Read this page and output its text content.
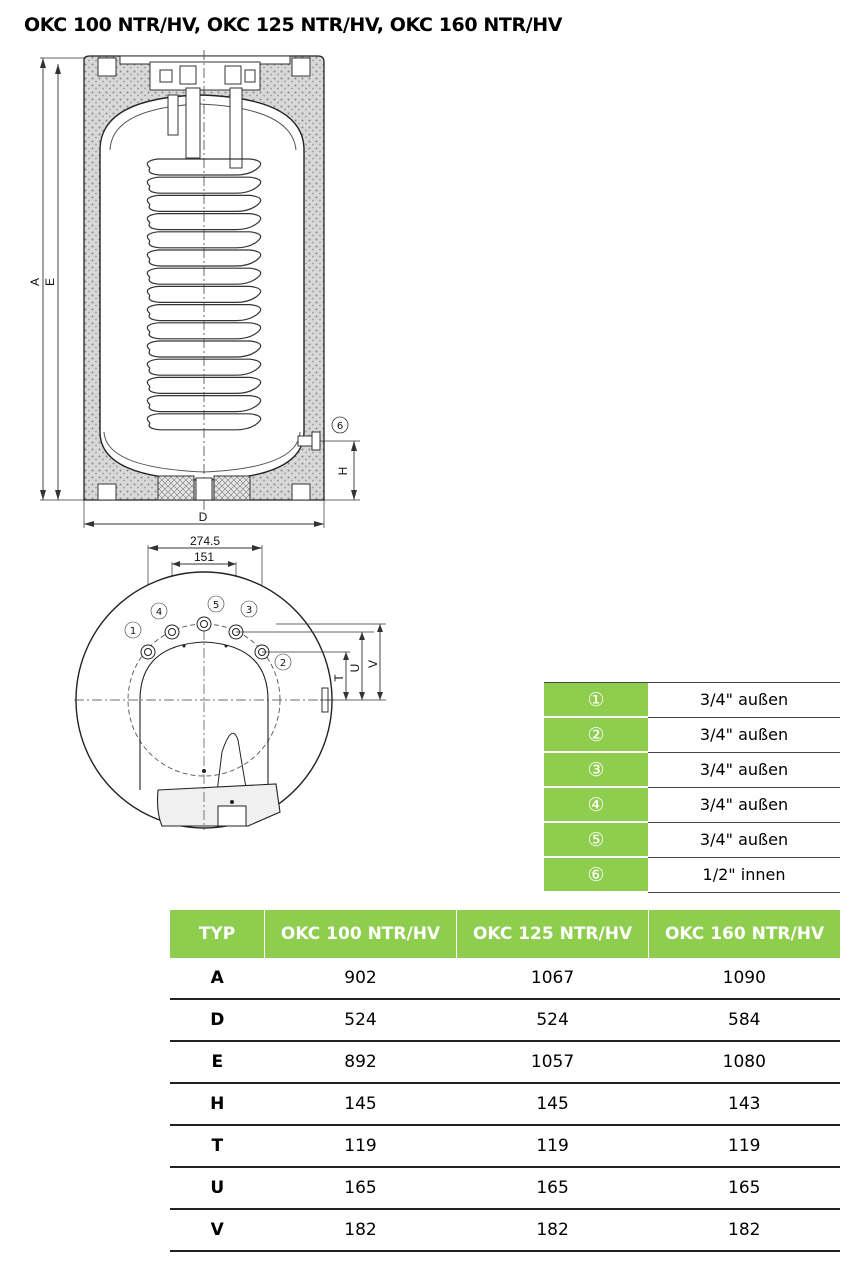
OKC 100 NTR/HV, OKC 125 NTR/HV, OKC 160 NTR/HV
A E
D
H
6
274.5
151
1
2
3
4
5
T
U V
①	3/4" außen
②	3/4" außen
③	3/4" außen
④	3/4" außen
⑤	3/4" außen
⑥	1/2" innen
TYP	OKC 100 NTR/HV	OKC 125 NTR/HV	OKC 160 NTR/HV
A	902	1067	1090
D	524	524	584
E	892	1057	1080
H	145	145	143
T	119	119	119
U	165	165	165
V	182	182	182
